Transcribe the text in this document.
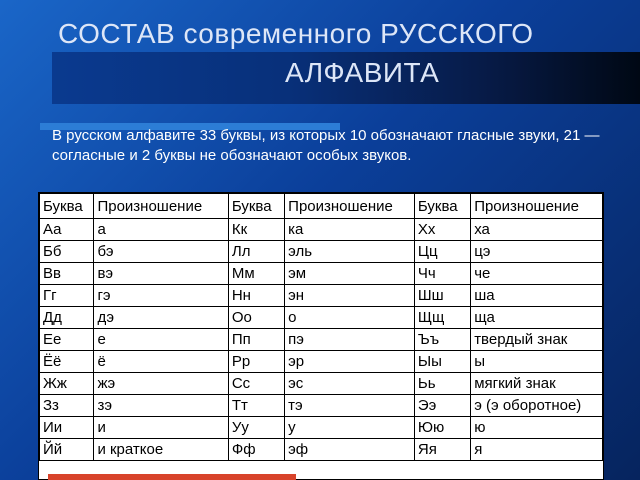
СОСТАВ современного РУССКОГО
АЛФАВИТА
В русском алфавите 33 буквы, из которых 10 обозначают гласные звуки, 21 — согласные и 2 буквы не обозначают особых звуков.
Буква	Произношение	Буква	Произношение	Буква	Произношение
Аа	а	Кк	ка	Хх	ха
Бб	бэ	Лл	эль	Цц	цэ
Вв	вэ	Мм	эм	Чч	че
Гг	гэ	Нн	эн	Шш	ша
Дд	дэ	Оо	о	Щщ	ща
Ее	е	Пп	пэ	Ъъ	твердый знак
Ёё	ё	Рр	эр	Ыы	ы
Жж	жэ	Сс	эс	Ьь	мягкий знак
Зз	зэ	Тт	тэ	Ээ	э (э оборотное)
Ии	и	Уу	у	Юю	ю
Йй	и краткое	Фф	эф	Яя	я
